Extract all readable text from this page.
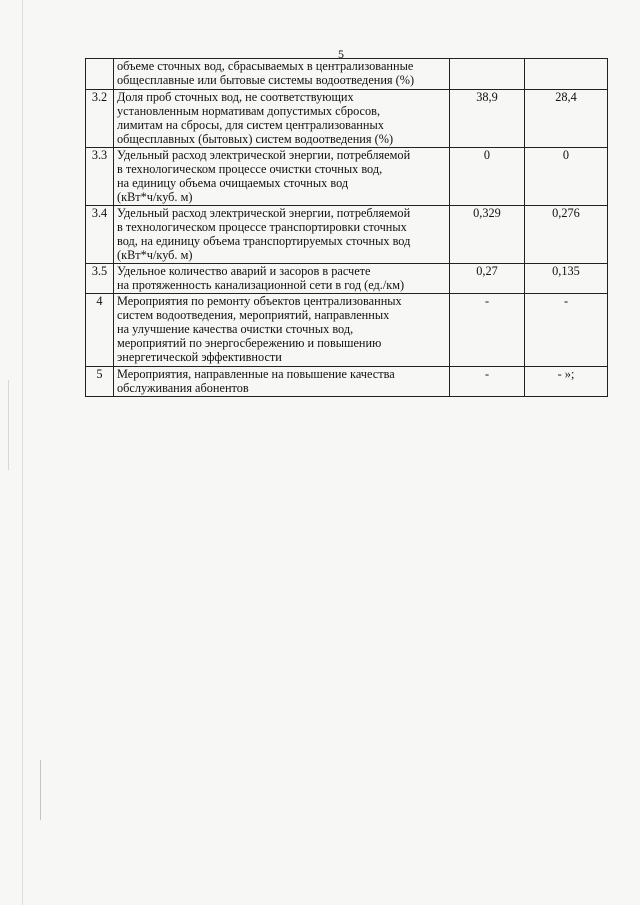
5

	объеме сточных вод, сбрасываемых в централизованные
общесплавные или бытовые системы водоотведения (%)		

3.2	Доля проб сточных вод, не соответствующих
установленным нормативам допустимых сбросов,
лимитам на сбросы, для систем централизованных
общесплавных (бытовых) систем водоотведения (%)	38,9	28,4
3.3	Удельный расход электрической энергии, потребляемой
в технологическом процессе очистки сточных вод,
на единицу объема очищаемых сточных вод
(кВт*ч/куб. м)	0	0
3.4	Удельный расход электрической энергии, потребляемой
в технологическом процессе транспортировки сточных
вод, на единицу объема транспортируемых сточных вод
(кВт*ч/куб. м)	0,329	0,276
3.5	Удельное количество аварий и засоров в расчете
на протяженность канализационной сети в год (ед./км)	0,27	0,135
4	Мероприятия по ремонту объектов централизованных
систем водоотведения, мероприятий, направленных
на улучшение качества очистки сточных вод,
мероприятий по энергосбережению и повышению
энергетической эффективности	-	-
5	Мероприятия, направленные на повышение качества
обслуживания абонентов	-	- »;
